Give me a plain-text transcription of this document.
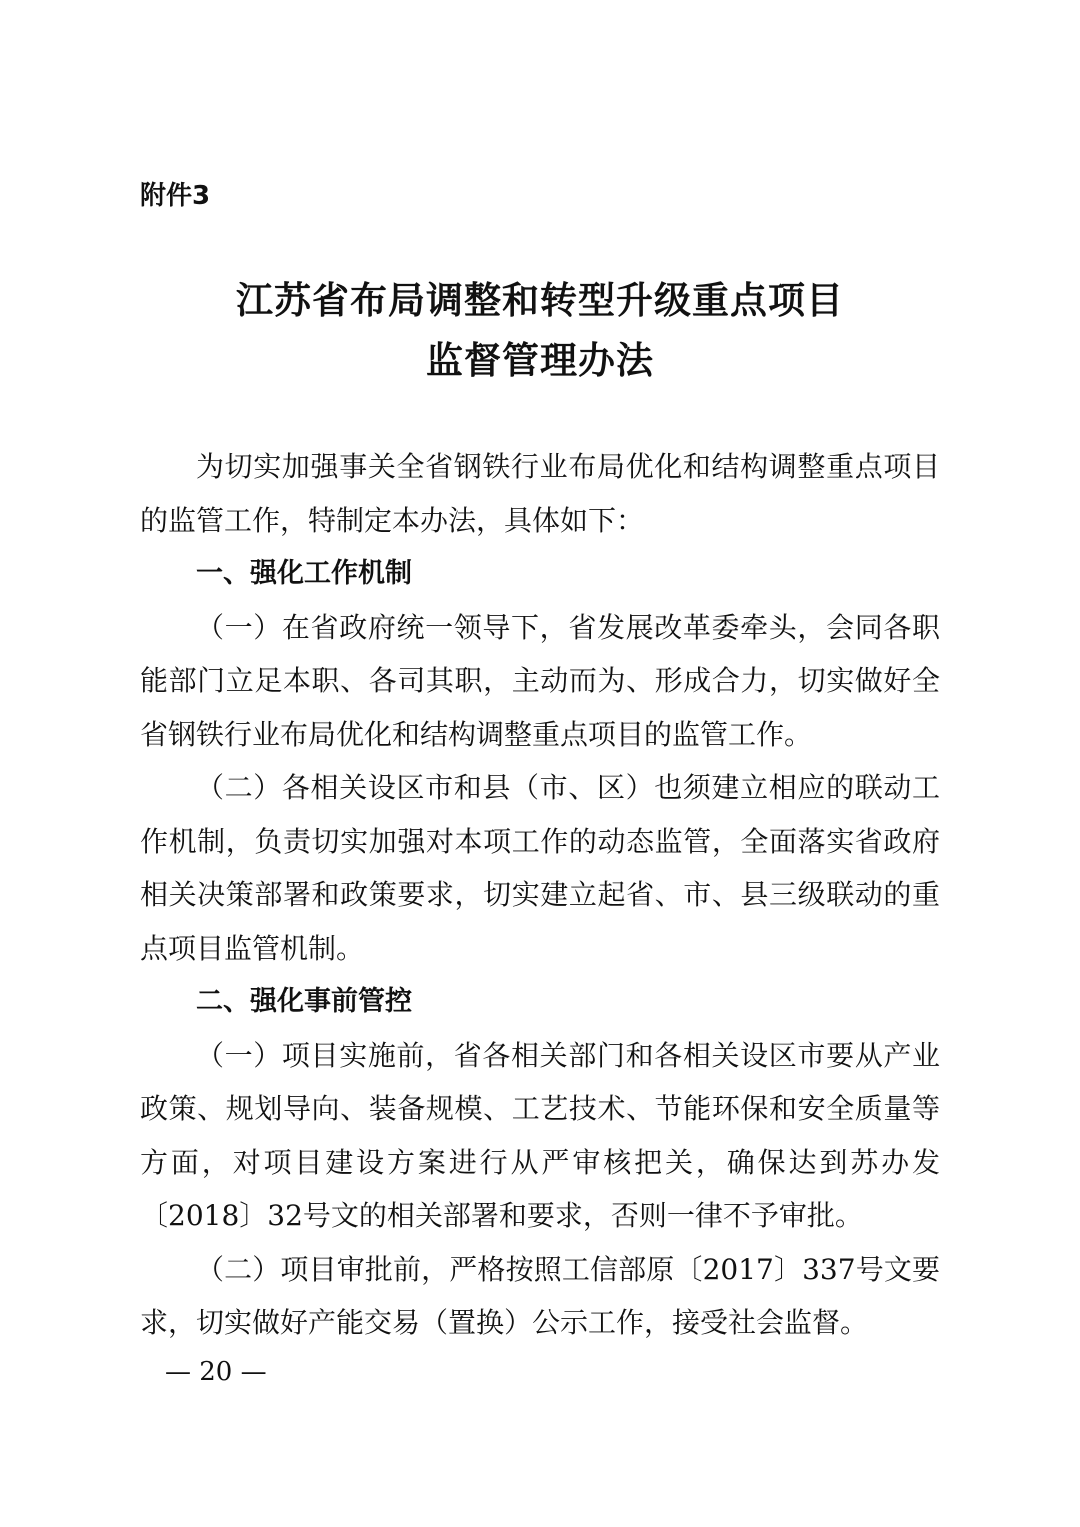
附件3

江苏省布局调整和转型升级重点项目
监督管理办法

为切实加强事关全省钢铁行业布局优化和结构调整重点项目的监管工作，特制定本办法，具体如下：

一、强化工作机制

（一）在省政府统一领导下，省发展改革委牵头，会同各职能部门立足本职、各司其职，主动而为、形成合力，切实做好全省钢铁行业布局优化和结构调整重点项目的监管工作。

（二）各相关设区市和县（市、区）也须建立相应的联动工作机制，负责切实加强对本项工作的动态监管，全面落实省政府相关决策部署和政策要求，切实建立起省、市、县三级联动的重点项目监管机制。

二、强化事前管控

（一）项目实施前，省各相关部门和各相关设区市要从产业政策、规划导向、装备规模、工艺技术、节能环保和安全质量等方面，对项目建设方案进行从严审核把关，确保达到苏办发〔2018〕32号文的相关部署和要求，否则一律不予审批。

（二）项目审批前，严格按照工信部原〔2017〕337号文要求，切实做好产能交易（置换）公示工作，接受社会监督。

— 20 —
